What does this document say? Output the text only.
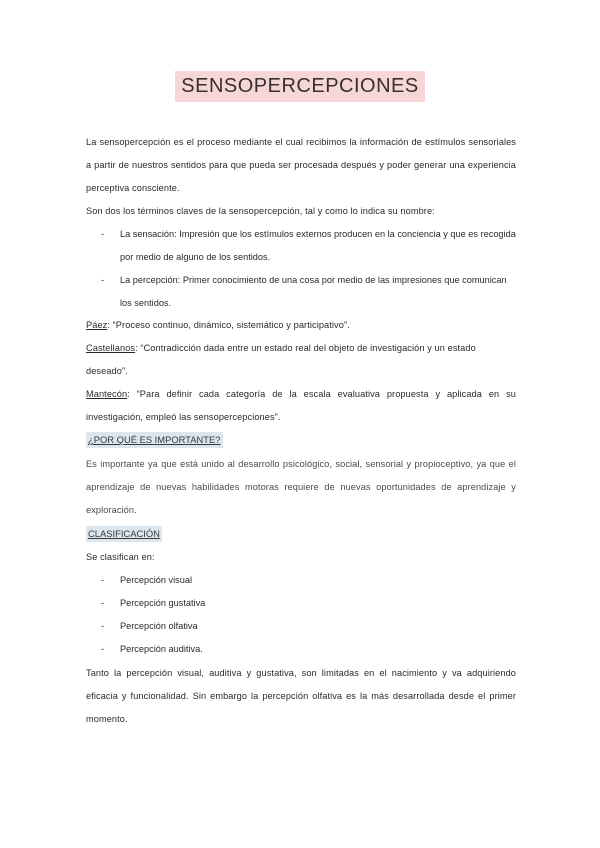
SENSOPERCEPCIONES

La sensopercepción es el proceso mediante el cual recibimos la información de estímulos sensoriales a partir de nuestros sentidos para que pueda ser procesada después y poder generar una experiencia perceptiva consciente.

Son dos los términos claves de la sensopercepción, tal y como lo indica su nombre:

- La sensación: Impresión que los estímulos externos producen en la conciencia y que es recogida por medio de alguno de los sentidos.
- La percepción: Primer conocimiento de una cosa por medio de las impresiones que comunican los sentidos.
Páez: “Proceso continuo, dinámico, sistemático y participativo”.
Castellanos: “Contradicción dada entre un estado real del objeto de investigación y un estado deseado”.
Mantecón: “Para definir cada categoría de la escala evaluativa propuesta y aplicada en su investigación, empleó las sensopercepciones”.
¿POR QUÉ ES IMPORTANTE?

Es importante ya que está unido al desarrollo psicológico, social, sensorial y propioceptivo, ya que el aprendizaje de nuevas habilidades motoras requiere de nuevas oportunidades de aprendizaje y exploración.

CLASIFICACIÓN

Se clasifican en:

- Percepción visual
- Percepción gustativa
- Percepción olfativa
- Percepción auditiva.

Tanto la percepción visual, auditiva y gustativa, son limitadas en el nacimiento y va adquiriendo eficacia y funcionalidad. Sin embargo la percepción olfativa es la más desarrollada desde el primer momento.
